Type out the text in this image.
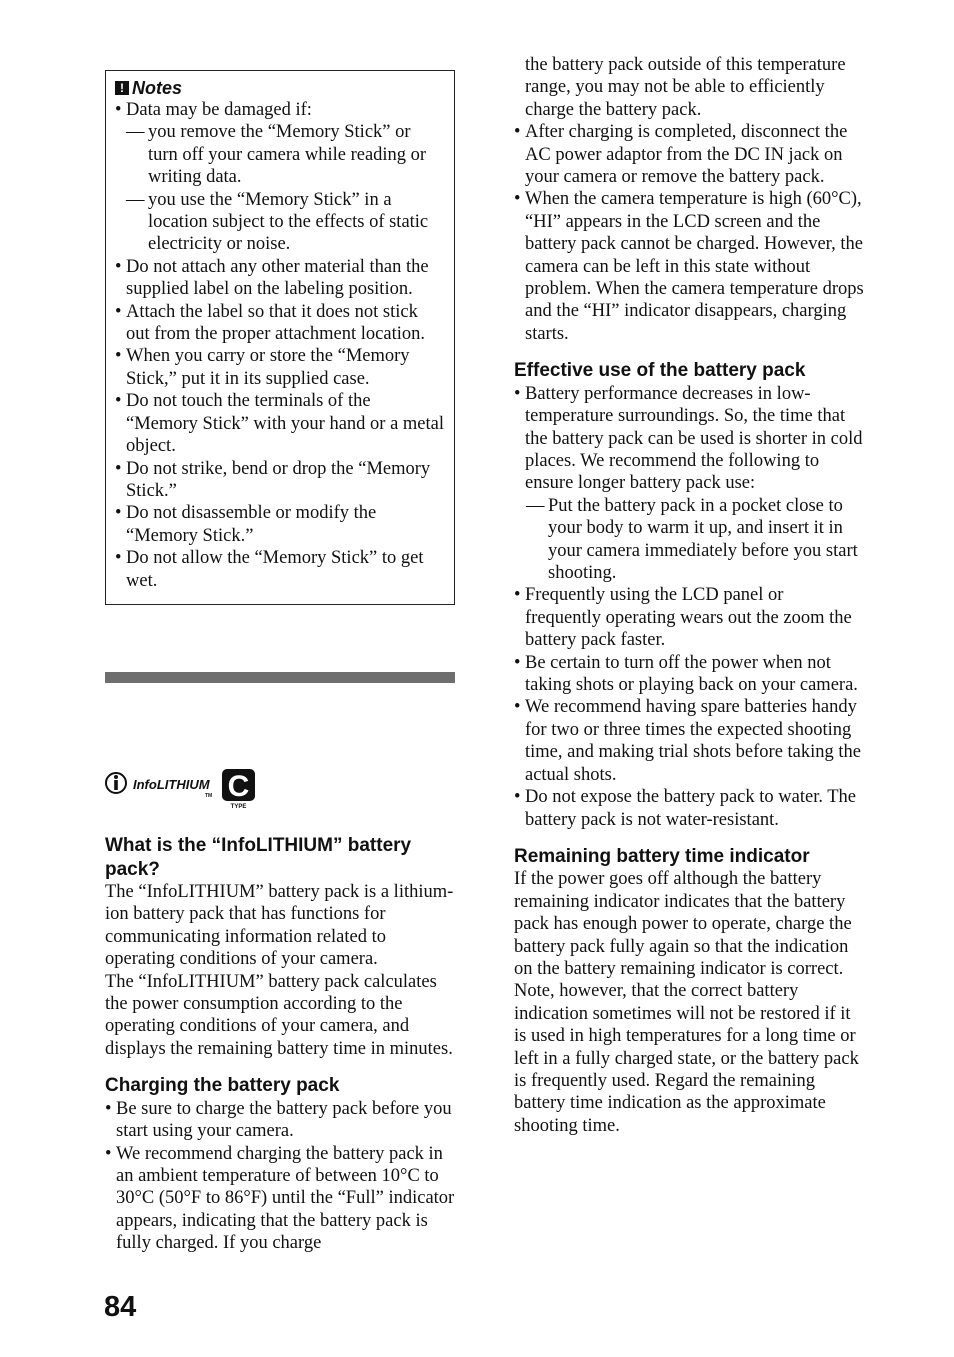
! Notes
• Data may be damaged if:
— you remove the “Memory Stick” or turn off your camera while reading or writing data.
— you use the “Memory Stick” in a location subject to the effects of static electricity or noise.
• Do not attach any other material than the supplied label on the labeling position.
• Attach the label so that it does not stick out from the proper attachment location.
• When you carry or store the “Memory Stick,” put it in its supplied case.
• Do not touch the terminals of the “Memory Stick” with your hand or a metal object.
• Do not strike, bend or drop the “Memory Stick.”
• Do not disassemble or modify the “Memory Stick.”
• Do not allow the “Memory Stick” to get wet.
InfoLITHIUM
TM C
TYPE
What is the “InfoLITHIUM” battery pack?

The “InfoLITHIUM” battery pack is a lithium-ion battery pack that has functions for communicating information related to operating conditions of your camera.

The “InfoLITHIUM” battery pack calculates the power consumption according to the operating conditions of your camera, and displays the remaining battery time in minutes.

Charging the battery pack
• Be sure to charge the battery pack before you start using your camera.
• We recommend charging the battery pack in an ambient temperature of between 10°C to 30°C (50°F to 86°F) until the “Full” indicator appears, indicating that the battery pack is fully charged. If you charge
the battery pack outside of this temperature range, you may not be able to efficiently charge the battery pack.
• After charging is completed, disconnect the AC power adaptor from the DC IN jack on your camera or remove the battery pack.
• When the camera temperature is high (60°C), “HI” appears in the LCD screen and the battery pack cannot be charged. However, the camera can be left in this state without problem. When the camera temperature drops and the “HI” indicator disappears, charging starts.
Effective use of the battery pack
• Battery performance decreases in low-temperature surroundings. So, the time that the battery pack can be used is shorter in cold places. We recommend the following to ensure longer battery pack use:
— Put the battery pack in a pocket close to your body to warm it up, and insert it in your camera immediately before you start shooting.
• Frequently using the LCD panel or frequently operating wears out the zoom the battery pack faster.
• Be certain to turn off the power when not taking shots or playing back on your camera.
• We recommend having spare batteries handy for two or three times the expected shooting time, and making trial shots before taking the actual shots.
• Do not expose the battery pack to water. The battery pack is not water-resistant.
Remaining battery time indicator

If the power goes off although the battery remaining indicator indicates that the battery pack has enough power to operate, charge the battery pack fully again so that the indication on the battery remaining indicator is correct. Note, however, that the correct battery indication sometimes will not be restored if it is used in high temperatures for a long time or left in a fully charged state, or the battery pack is frequently used. Regard the remaining battery time indication as the approximate shooting time.

84
